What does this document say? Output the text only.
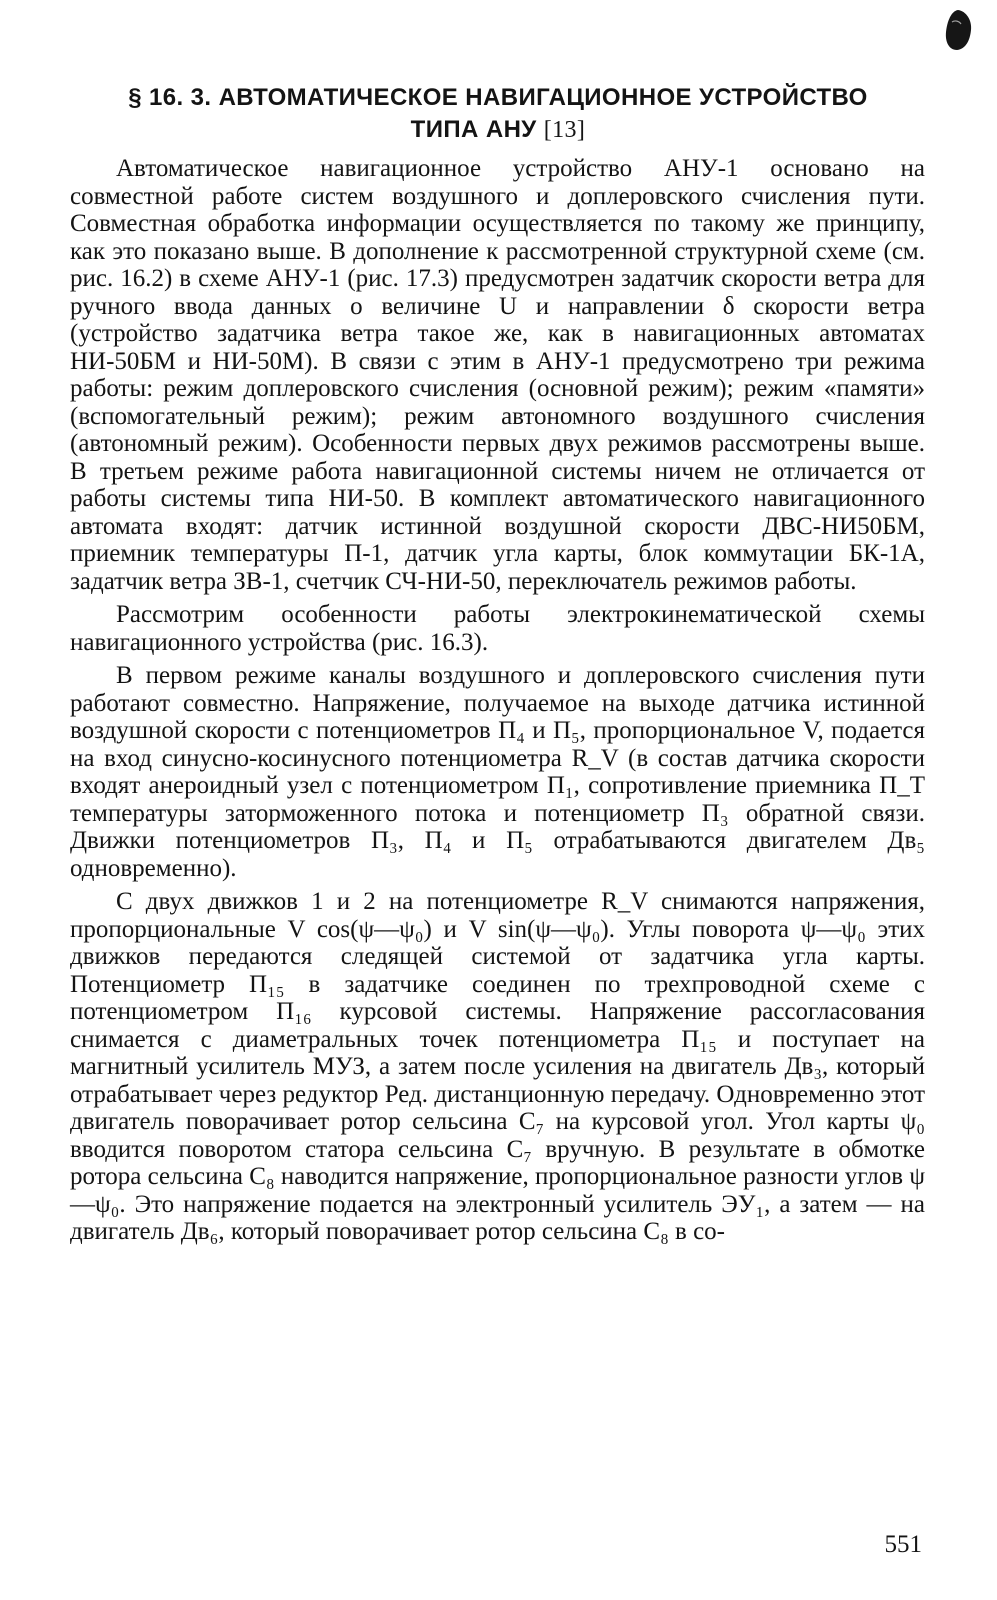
§ 16. 3. АВТОМАТИЧЕСКОЕ НАВИГАЦИОННОЕ УСТРОЙСТВО
ТИПА АНУ [13]

Автоматическое навигационное устройство АНУ-1 основано на совместной работе систем воздушного и доплеровского счисления пути. Совместная обработка информации осуществляется по такому же принципу, как это показано выше. В дополнение к рассмотренной структурной схеме (см. рис. 16.2) в схеме АНУ-1 (рис. 17.3) предусмотрен задатчик скорости ветра для ручного ввода данных о величине U и направлении δ скорости ветра (устройство задатчика ветра такое же, как в навигационных автоматах НИ-50БМ и НИ-50М). В связи с этим в АНУ-1 предусмотрено три режима работы: режим доплеровского счисления (основной режим); режим «памяти» (вспомогательный режим); режим автономного воздушного счисления (автономный режим). Особенности первых двух режимов рассмотрены выше. В третьем режиме работа навигационной системы ничем не отличается от работы системы типа НИ-50. В комплект автоматического навигационного автомата входят: датчик истинной воздушной скорости ДВС-НИ50БМ, приемник температуры П-1, датчик угла карты, блок коммутации БК-1А, задатчик ветра ЗВ-1, счетчик СЧ-НИ-50, переключатель режимов работы.

Рассмотрим особенности работы электрокинематической схемы навигационного устройства (рис. 16.3).

В первом режиме каналы воздушного и доплеровского счисления пути работают совместно. Напряжение, получаемое на выходе датчика истинной воздушной скорости с потенциометров П₄ и П₅, пропорциональное V, подается на вход синусно-косинусного потенциометра R_V (в состав датчика скорости входят анероидный узел с потенциометром П₁, сопротивление приемника П_T температуры заторможенного потока и потенциометр П₃ обратной связи. Движки потенциометров П₃, П₄ и П₅ отрабатываются двигателем Дв₅ одновременно).

С двух движков 1 и 2 на потенциометре R_V снимаются напряжения, пропорциональные V cos(ψ—ψ₀) и V sin(ψ—ψ₀). Углы поворота ψ—ψ₀ этих движков передаются следящей системой от задатчика угла карты. Потенциометр П₁₅ в задатчике соединен по трехпроводной схеме с потенциометром П₁₆ курсовой системы. Напряжение рассогласования снимается с диаметральных точек потенциометра П₁₅ и поступает на магнитный усилитель МУЗ, а затем после усиления на двигатель Дв₃, который отрабатывает через редуктор Ред. дистанционную передачу. Одновременно этот двигатель поворачивает ротор сельсина С₇ на курсовой угол. Угол карты ψ₀ вводится поворотом статора сельсина С₇ вручную. В результате в обмотке ротора сельсина С₈ наводится напряжение, пропорциональное разности углов ψ—ψ₀. Это напряжение подается на электронный усилитель ЭУ₁, а затем — на двигатель Дв₆, который поворачивает ротор сельсина С₈ в со-

551
